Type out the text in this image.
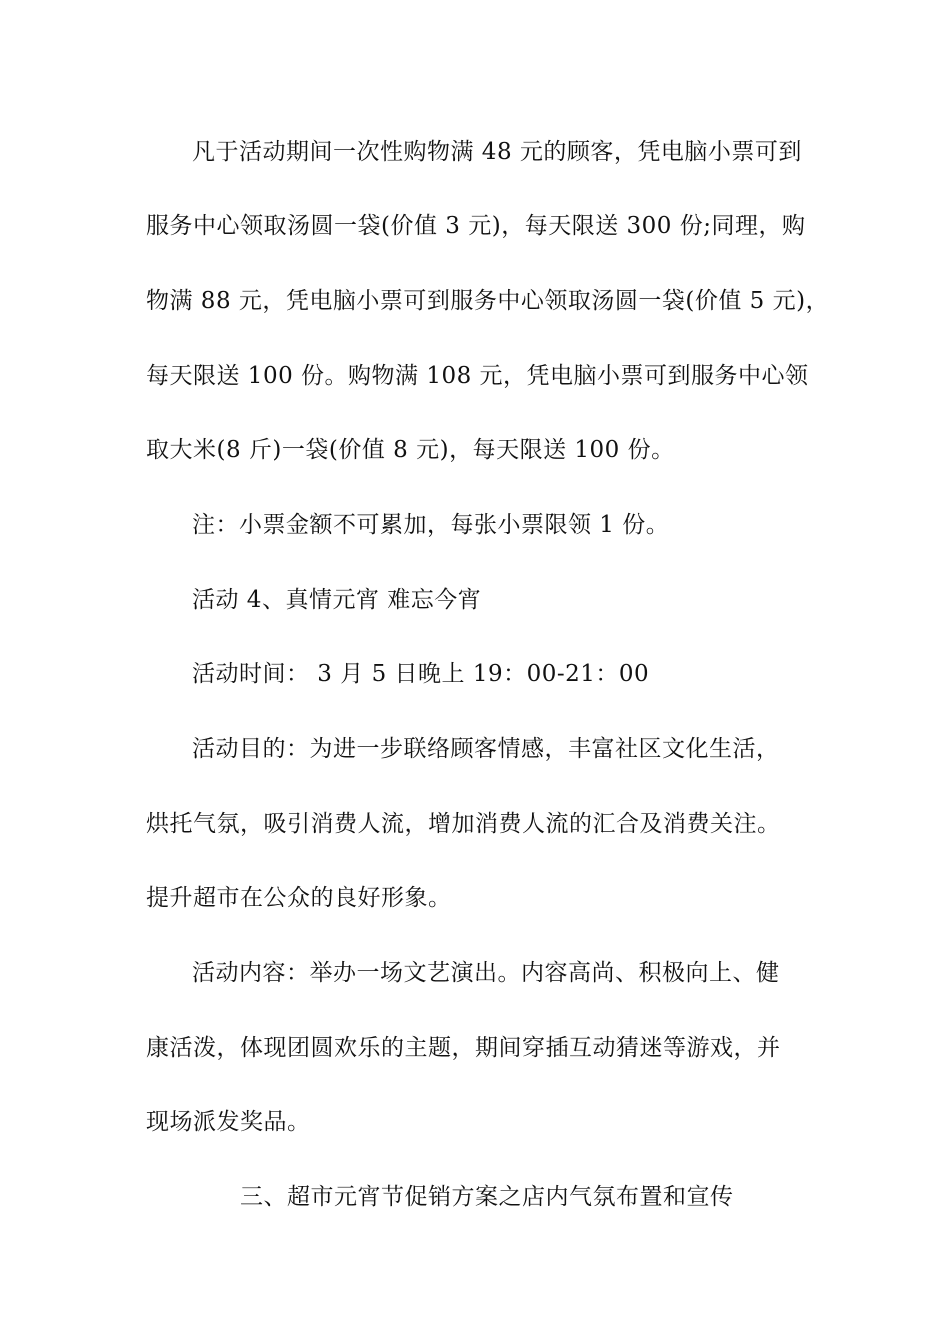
凡于活动期间一次性购物满 48 元的顾客，凭电脑小票可到
服务中心领取汤圆一袋(价值 3 元)，每天限送 300 份;同理，购
物满 88 元，凭电脑小票可到服务中心领取汤圆一袋(价值 5 元)，
每天限送 100 份。购物满 108 元，凭电脑小票可到服务中心领
取大米(8 斤)一袋(价值 8 元)，每天限送 100 份。
注：小票金额不可累加，每张小票限领 1 份。
活动 4、真情元宵 难忘今宵
活动时间： 3 月 5 日晚上 19：00-21：00
活动目的：为进一步联络顾客情感，丰富社区文化生活，
烘托气氛，吸引消费人流，增加消费人流的汇合及消费关注。
提升超市在公众的良好形象。
活动内容：举办一场文艺演出。内容高尚、积极向上、健
康活泼，体现团圆欢乐的主题，期间穿插互动猜迷等游戏，并
现场派发奖品。
三、超市元宵节促销方案之店内气氛布置和宣传
